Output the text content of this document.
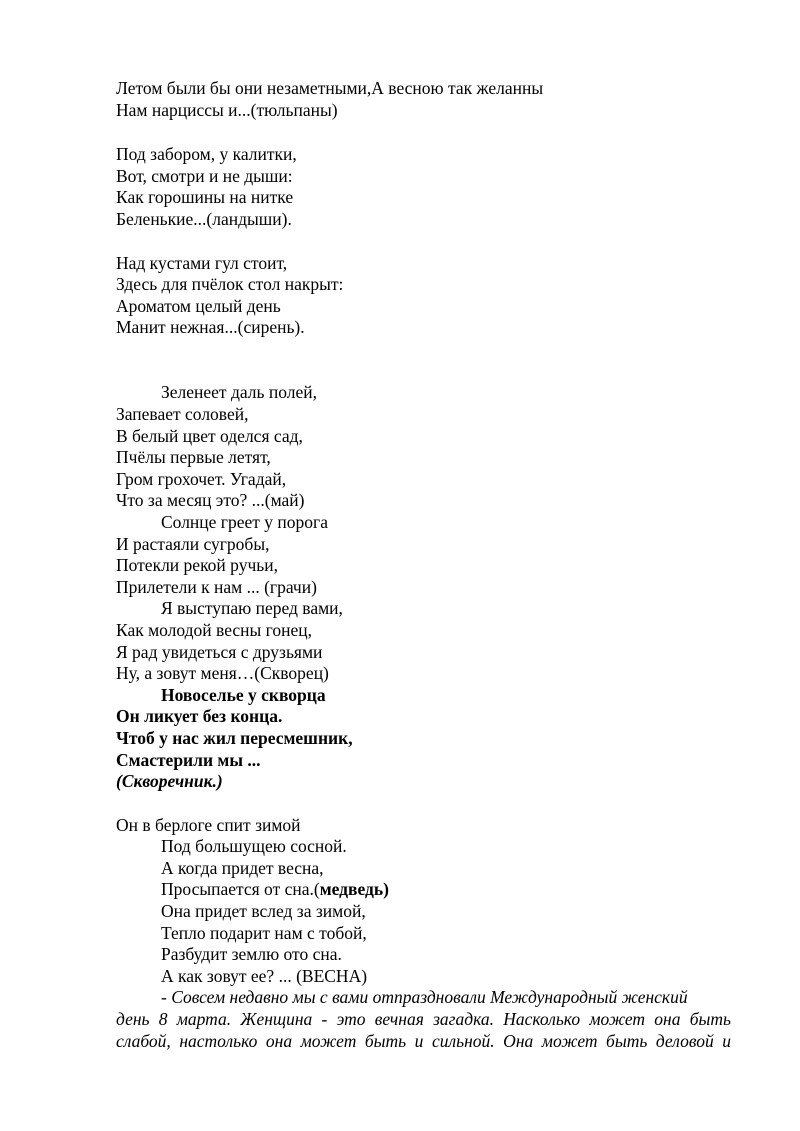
Летом были бы они незаметными,А весною так желанны
Нам нарциссы и...(тюльпаны)
Под забором, у калитки,
Вот, смотри и не дыши:
Как горошины на нитке
Беленькие...(ландыши).
Над кустами гул стоит,
Здесь для пчёлок стол накрыт:
Ароматом целый день
Манит нежная...(сирень).
Зеленеет даль полей,
Запевает соловей,
В белый цвет оделся сад,
Пчёлы первые летят,
Гром грохочет. Угадай,
Что за месяц это? ...(май)
Солнце греет у порога
И растаяли сугробы,
Потекли рекой ручьи,
Прилетели к нам ... (грачи)
Я выступаю перед вами,
Как молодой весны гонец,
Я рад увидеться с друзьями
Ну, а зовут меня…(Скворец)
Новоселье у скворца
Он ликует без конца.
Чтоб у нас жил пересмешник,
Смастерили мы ...
(Скворечник.)
Он в берлоге спит зимой
Под большущею сосной.
А когда придет весна,
Просыпается от сна.(медведь)
Она придет вслед за зимой,
Тепло подарит нам с тобой,
Разбудит землю ото сна.
А как зовут ее? ... (ВЕСНА)
- Совсем недавно мы с вами отпраздновали Международный женский
день 8 марта. Женщина - это вечная загадка. Насколько может она быть
слабой, настолько она может быть и сильной. Она может быть деловой и
